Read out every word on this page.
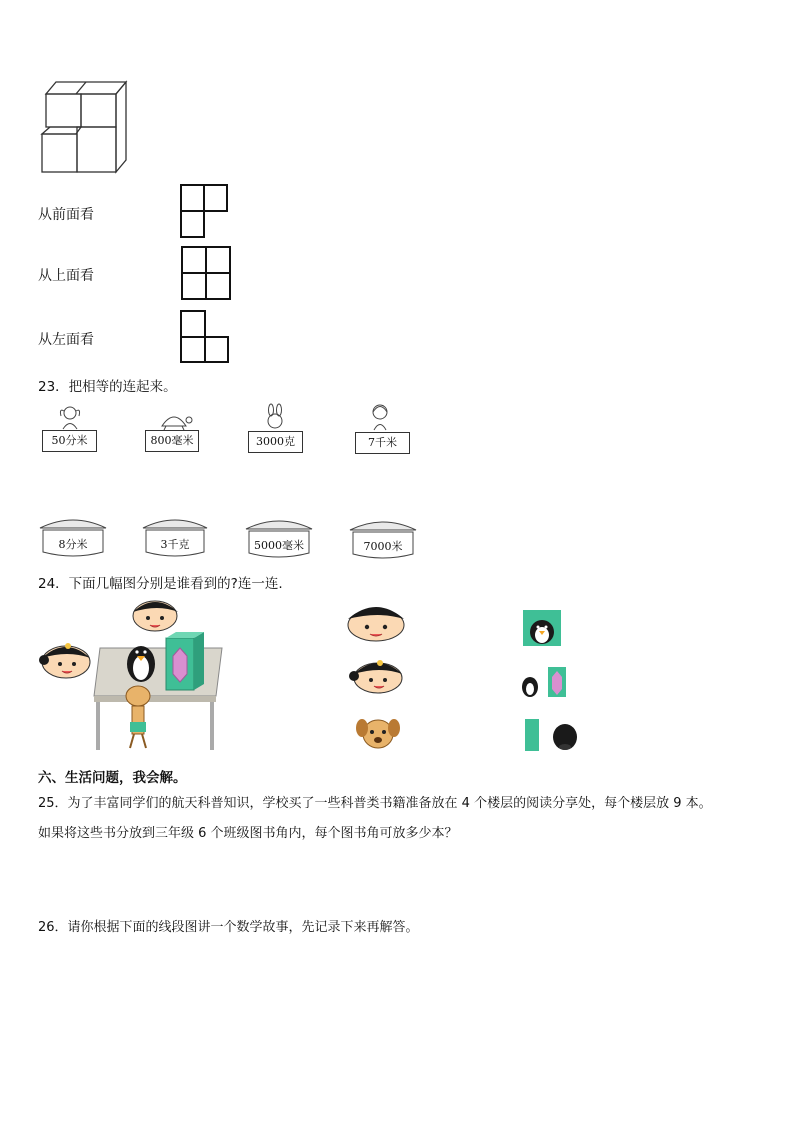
从前面看
从上面看
从左面看
23．把相等的连起来。
50分米	800毫米	3000克	7千米
8分米	3千克	5000毫米	7000米
24．下面几幅图分别是谁看到的?连一连.
六、生活问题，我会解。
25．为了丰富同学们的航天科普知识，学校买了一些科普类书籍准备放在 4 个楼层的阅读分享处，每个楼层放 9 本。
如果将这些书分放到三年级 6 个班级图书角内，每个图书角可放多少本？
26．请你根据下面的线段图讲一个数学故事，先记录下来再解答。
